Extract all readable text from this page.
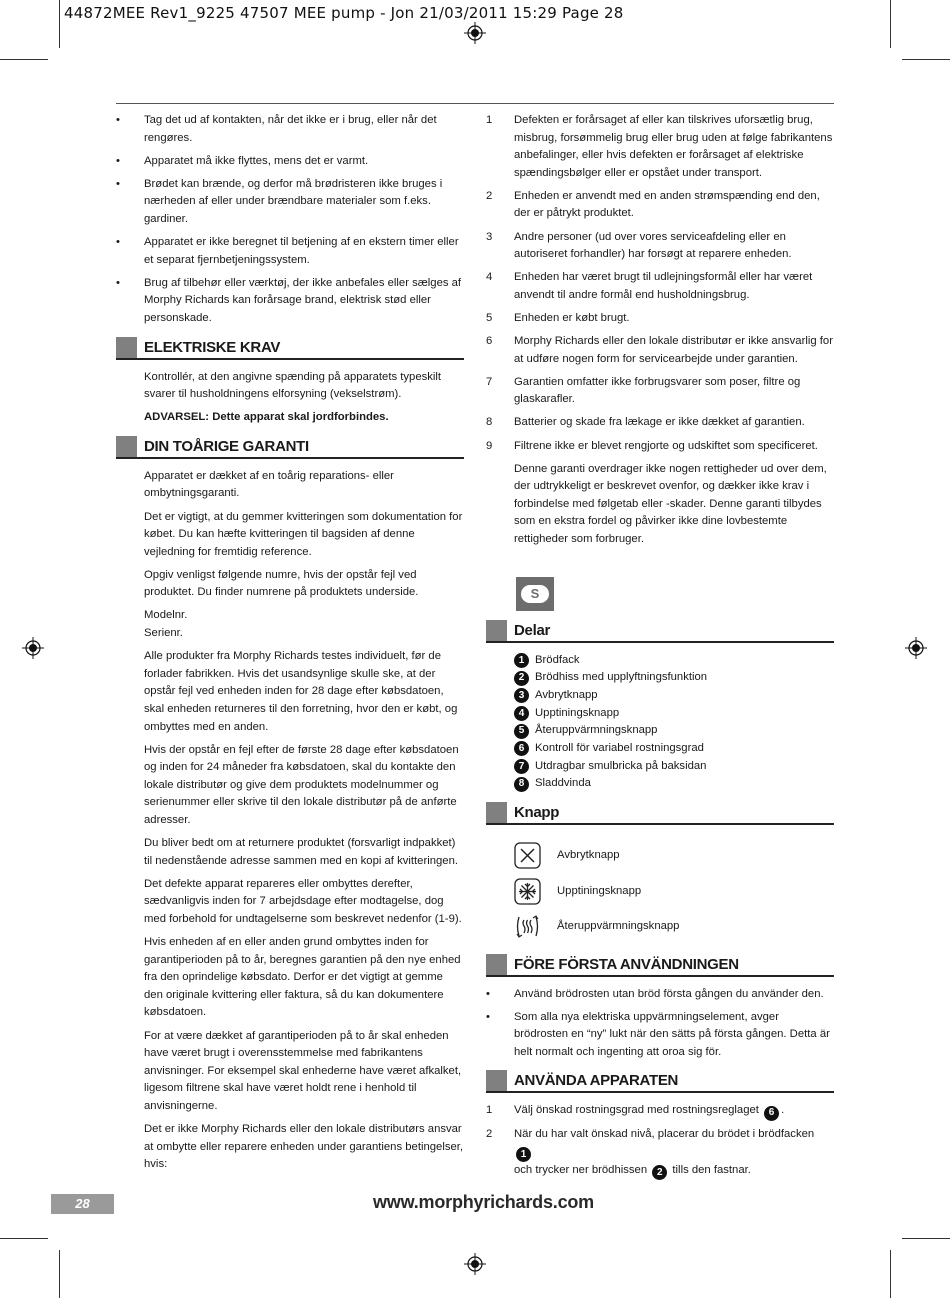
44872MEE Rev1_9225 47507 MEE pump - Jon 21/03/2011 15:29 Page 28
• Tag det ud af kontakten, når det ikke er i brug, eller når det rengøres.
• Apparatet må ikke flyttes, mens det er varmt.
• Brødet kan brænde, og derfor må brødristeren ikke bruges i nærheden af eller under brændbare materialer som f.eks. gardiner.
• Apparatet er ikke beregnet til betjening af en ekstern timer eller et separat fjernbetjeningssystem.
• Brug af tilbehør eller værktøj, der ikke anbefales eller sælges af Morphy Richards kan forårsage brand, elektrisk stød eller personskade.
ELEKTRISKE KRAV
Kontrollér, at den angivne spænding på apparatets typeskilt svarer til husholdningens elforsyning (vekselstrøm).
ADVARSEL: Dette apparat skal jordforbindes.
DIN TOÅRIGE GARANTI
Apparatet er dækket af en toårig reparations- eller ombytningsgaranti.
Det er vigtigt, at du gemmer kvitteringen som dokumentation for købet. Du kan hæfte kvitteringen til bagsiden af denne vejledning for fremtidig reference.
Opgiv venligst følgende numre, hvis der opstår fejl ved produktet. Du finder numrene på produktets underside.
Modelnr.
Serienr.
Alle produkter fra Morphy Richards testes individuelt, før de forlader fabrikken. Hvis det usandsynlige skulle ske, at der opstår fejl ved enheden inden for 28 dage efter købsdatoen, skal enheden returneres til den forretning, hvor den er købt, og ombyttes med en anden.
Hvis der opstår en fejl efter de første 28 dage efter købsdatoen og inden for 24 måneder fra købsdatoen, skal du kontakte den lokale distributør og give dem produktets modelnummer og serienummer eller skrive til den lokale distributør på de anførte adresser.
Du bliver bedt om at returnere produktet (forsvarligt indpakket) til nedenstående adresse sammen med en kopi af kvitteringen.
Det defekte apparat repareres eller ombyttes derefter, sædvanligvis inden for 7 arbejdsdage efter modtagelse, dog med forbehold for undtagelserne som beskrevet nedenfor (1-9).
Hvis enheden af en eller anden grund ombyttes inden for garantiperioden på to år, beregnes garantien på den nye enhed fra den oprindelige købsdato. Derfor er det vigtigt at gemme den originale kvittering eller faktura, så du kan dokumentere købsdatoen.
For at være dækket af garantiperioden på to år skal enheden have været brugt i overensstemmelse med fabrikantens anvisninger. For eksempel skal enhederne have været afkalket, ligesom filtrene skal have været holdt rene i henhold til anvisningerne.
Det er ikke Morphy Richards eller den lokale distributørs ansvar at ombytte eller reparere enheden under garantiens betingelser, hvis:
1 Defekten er forårsaget af eller kan tilskrives uforsætlig brug, misbrug, forsømmelig brug eller brug uden at følge fabrikantens anbefalinger, eller hvis defekten er forårsaget af elektriske spændingsbølger eller er opstået under transport.
2 Enheden er anvendt med en anden strømspænding end den, der er påtrykt produktet.
3 Andre personer (ud over vores serviceafdeling eller en autoriseret forhandler) har forsøgt at reparere enheden.
4 Enheden har været brugt til udlejningsformål eller har været anvendt til andre formål end husholdningsbrug.
5 Enheden er købt brugt.
6 Morphy Richards eller den lokale distributør er ikke ansvarlig for at udføre nogen form for servicearbejde under garantien.
7 Garantien omfatter ikke forbrugsvarer som poser, filtre og glaskarafler.
8 Batterier og skade fra lækage er ikke dækket af garantien.
9 Filtrene ikke er blevet rengjorte og udskiftet som specificeret.
Denne garanti overdrager ikke nogen rettigheder ud over dem, der udtrykkeligt er beskrevet ovenfor, og dækker ikke krav i forbindelse med følgetab eller -skader. Denne garanti tilbydes som en ekstra fordel og påvirker ikke dine lovbestemte rettigheder som forbruger.
S
Delar
1 Brödfack
2 Brödhiss med upplyftningsfunktion
3 Avbrytknapp
4 Upptiningsknapp
5 Återuppvärmningsknapp
6 Kontroll för variabel rostningsgrad
7 Utdragbar smulbricka på baksidan
8 Sladdvinda
Knapp
Avbrytknapp
Upptiningsknapp
Återuppvärmningsknapp
FÖRE FÖRSTA ANVÄNDNINGEN
• Använd brödrosten utan bröd första gången du använder den.
• Som alla nya elektriska uppvärmningselement, avger brödrosten en “ny” lukt när den sätts på första gången. Detta är helt normalt och ingenting att oroa sig för.
ANVÄNDA APPARATEN
1 Välj önskad rostningsgrad med rostningsreglaget 6 .
2 När du har valt önskad nivå, placerar du brödet i brödfacken 1
och trycker ner brödhissen 2 tills den fastnar.
28	www.morphyrichards.com
